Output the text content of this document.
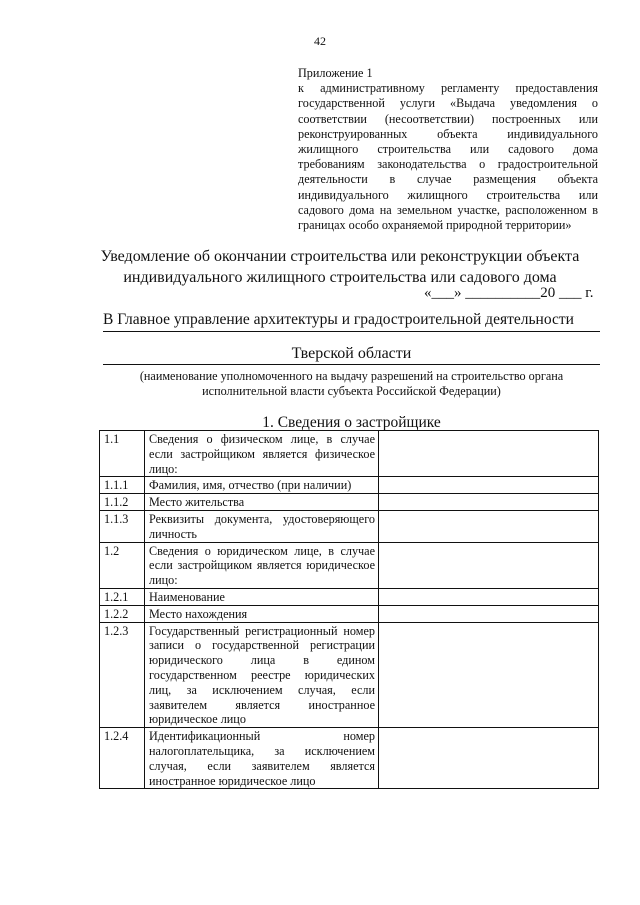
42
Приложение 1
к административному регламенту предоставления государственной услуги «Выдача уведомления о соответствии (несоответствии) построенных или реконструированных объекта индивидуального жилищного строительства или садового дома требованиям законодательства о градостроительной деятельности в случае размещения объекта индивидуального жилищного строительства или садового дома на земельном участке, расположенном в границах особо охраняемой природной территории»
Уведомление об окончании строительства или реконструкции объекта
индивидуального жилищного строительства или садового дома
«___» __________20 ___ г.
В Главное управление архитектуры и градостроительной деятельности
Тверской области
(наименование уполномоченного на выдачу разрешений на строительство органа исполнительной власти субъекта Российской Федерации)
1. Сведения о застройщике
1.1	Сведения о физическом лице, в случае если застройщиком является физическое лицо:	
1.1.1	Фамилия, имя, отчество (при наличии)	
1.1.2	Место жительства	
1.1.3	Реквизиты документа, удостоверяющего личность	
1.2	Сведения о юридическом лице, в случае если застройщиком является юридическое лицо:	
1.2.1	Наименование	
1.2.2	Место нахождения	
1.2.3	Государственный регистрационный номер записи о государственной регистрации юридического лица в едином государственном реестре юридических лиц, за исключением случая, если заявителем является иностранное юридическое лицо	
1.2.4	Идентификационный номер налогоплательщика, за исключением случая, если заявителем является иностранное юридическое лицо	
